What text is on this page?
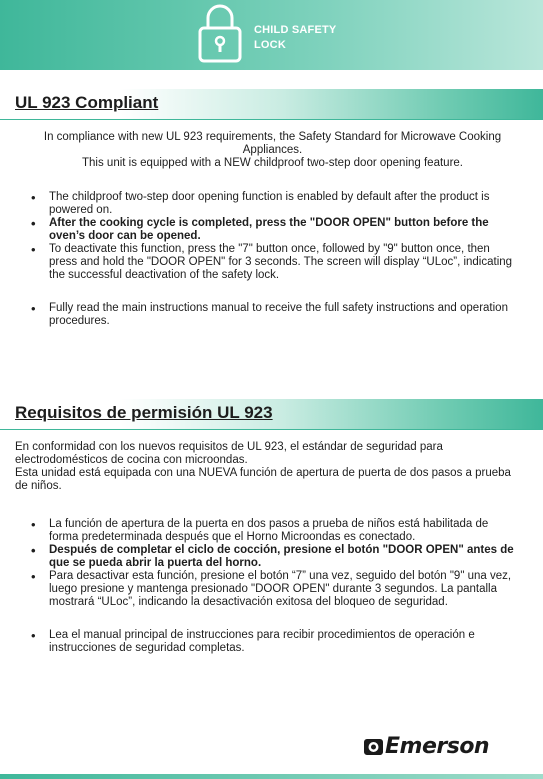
CHILD SAFETY
LOCK
UL 923 Compliant

In compliance with new UL 923 requirements, the Safety Standard for Microwave Cooking Appliances.

This unit is equipped with a NEW childproof two-step door opening feature.

• The childproof two-step door opening function is enabled by default after the product is powered on.
• After the cooking cycle is completed, press the "DOOR OPEN" button before the oven’s door can be opened.
• To deactivate this function, press the "7" button once, followed by "9" button once, then press and hold the "DOOR OPEN" for 3 seconds. The screen will display “ULoc”, indicating the successful deactivation of the safety lock.
• Fully read the main instructions manual to receive the full safety instructions and operation procedures.
Requisitos de permisión UL 923

En conformidad con los nuevos requisitos de UL 923, el estándar de seguridad para electrodomésticos de cocina con microondas.

Esta unidad está equipada con una NUEVA función de apertura de puerta de dos pasos a prueba de niños.

• La función de apertura de la puerta en dos pasos a prueba de niños está habilitada de forma predeterminada después que el Horno Microondas es conectado.
• Después de completar el ciclo de cocción, presione el botón "DOOR OPEN" antes de que se pueda abrir la puerta del horno.
• Para desactivar esta función, presione el botón “7” una vez, seguido del botón "9" una vez, luego presione y mantenga presionado "DOOR OPEN" durante 3 segundos. La pantalla mostrará “ULoc”, indicando la desactivación exitosa del bloqueo de seguridad.
• Lea el manual principal de instrucciones para recibir procedimientos de operación e instrucciones de seguridad completas.
Emerson
